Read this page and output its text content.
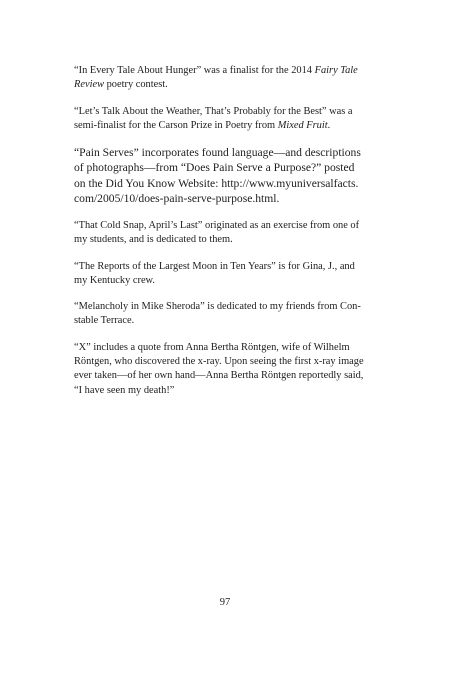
“In Every Tale About Hunger” was a finalist for the 2014 Fairy Tale
Review poetry contest.

“Let’s Talk About the Weather, That’s Probably for the Best” was a
semi-finalist for the Carson Prize in Poetry from Mixed Fruit.

“Pain Serves” incorporates found language—and descriptions
of photographs—from “Does Pain Serve a Purpose?” posted
on the Did You Know Website: http://www.myuniversalfacts.
com/2005/10/does-pain-serve-purpose.html.

“That Cold Snap, April’s Last” originated as an exercise from one of
my students, and is dedicated to them.

“The Reports of the Largest Moon in Ten Years” is for Gina, J., and
my Kentucky crew.

“Melancholy in Mike Sheroda” is dedicated to my friends from Con-
stable Terrace.

“X” includes a quote from Anna Bertha Röntgen, wife of Wilhelm
Röntgen, who discovered the x-ray. Upon seeing the first x-ray image
ever taken—of her own hand—Anna Bertha Röntgen reportedly said,
“I have seen my death!”

97
